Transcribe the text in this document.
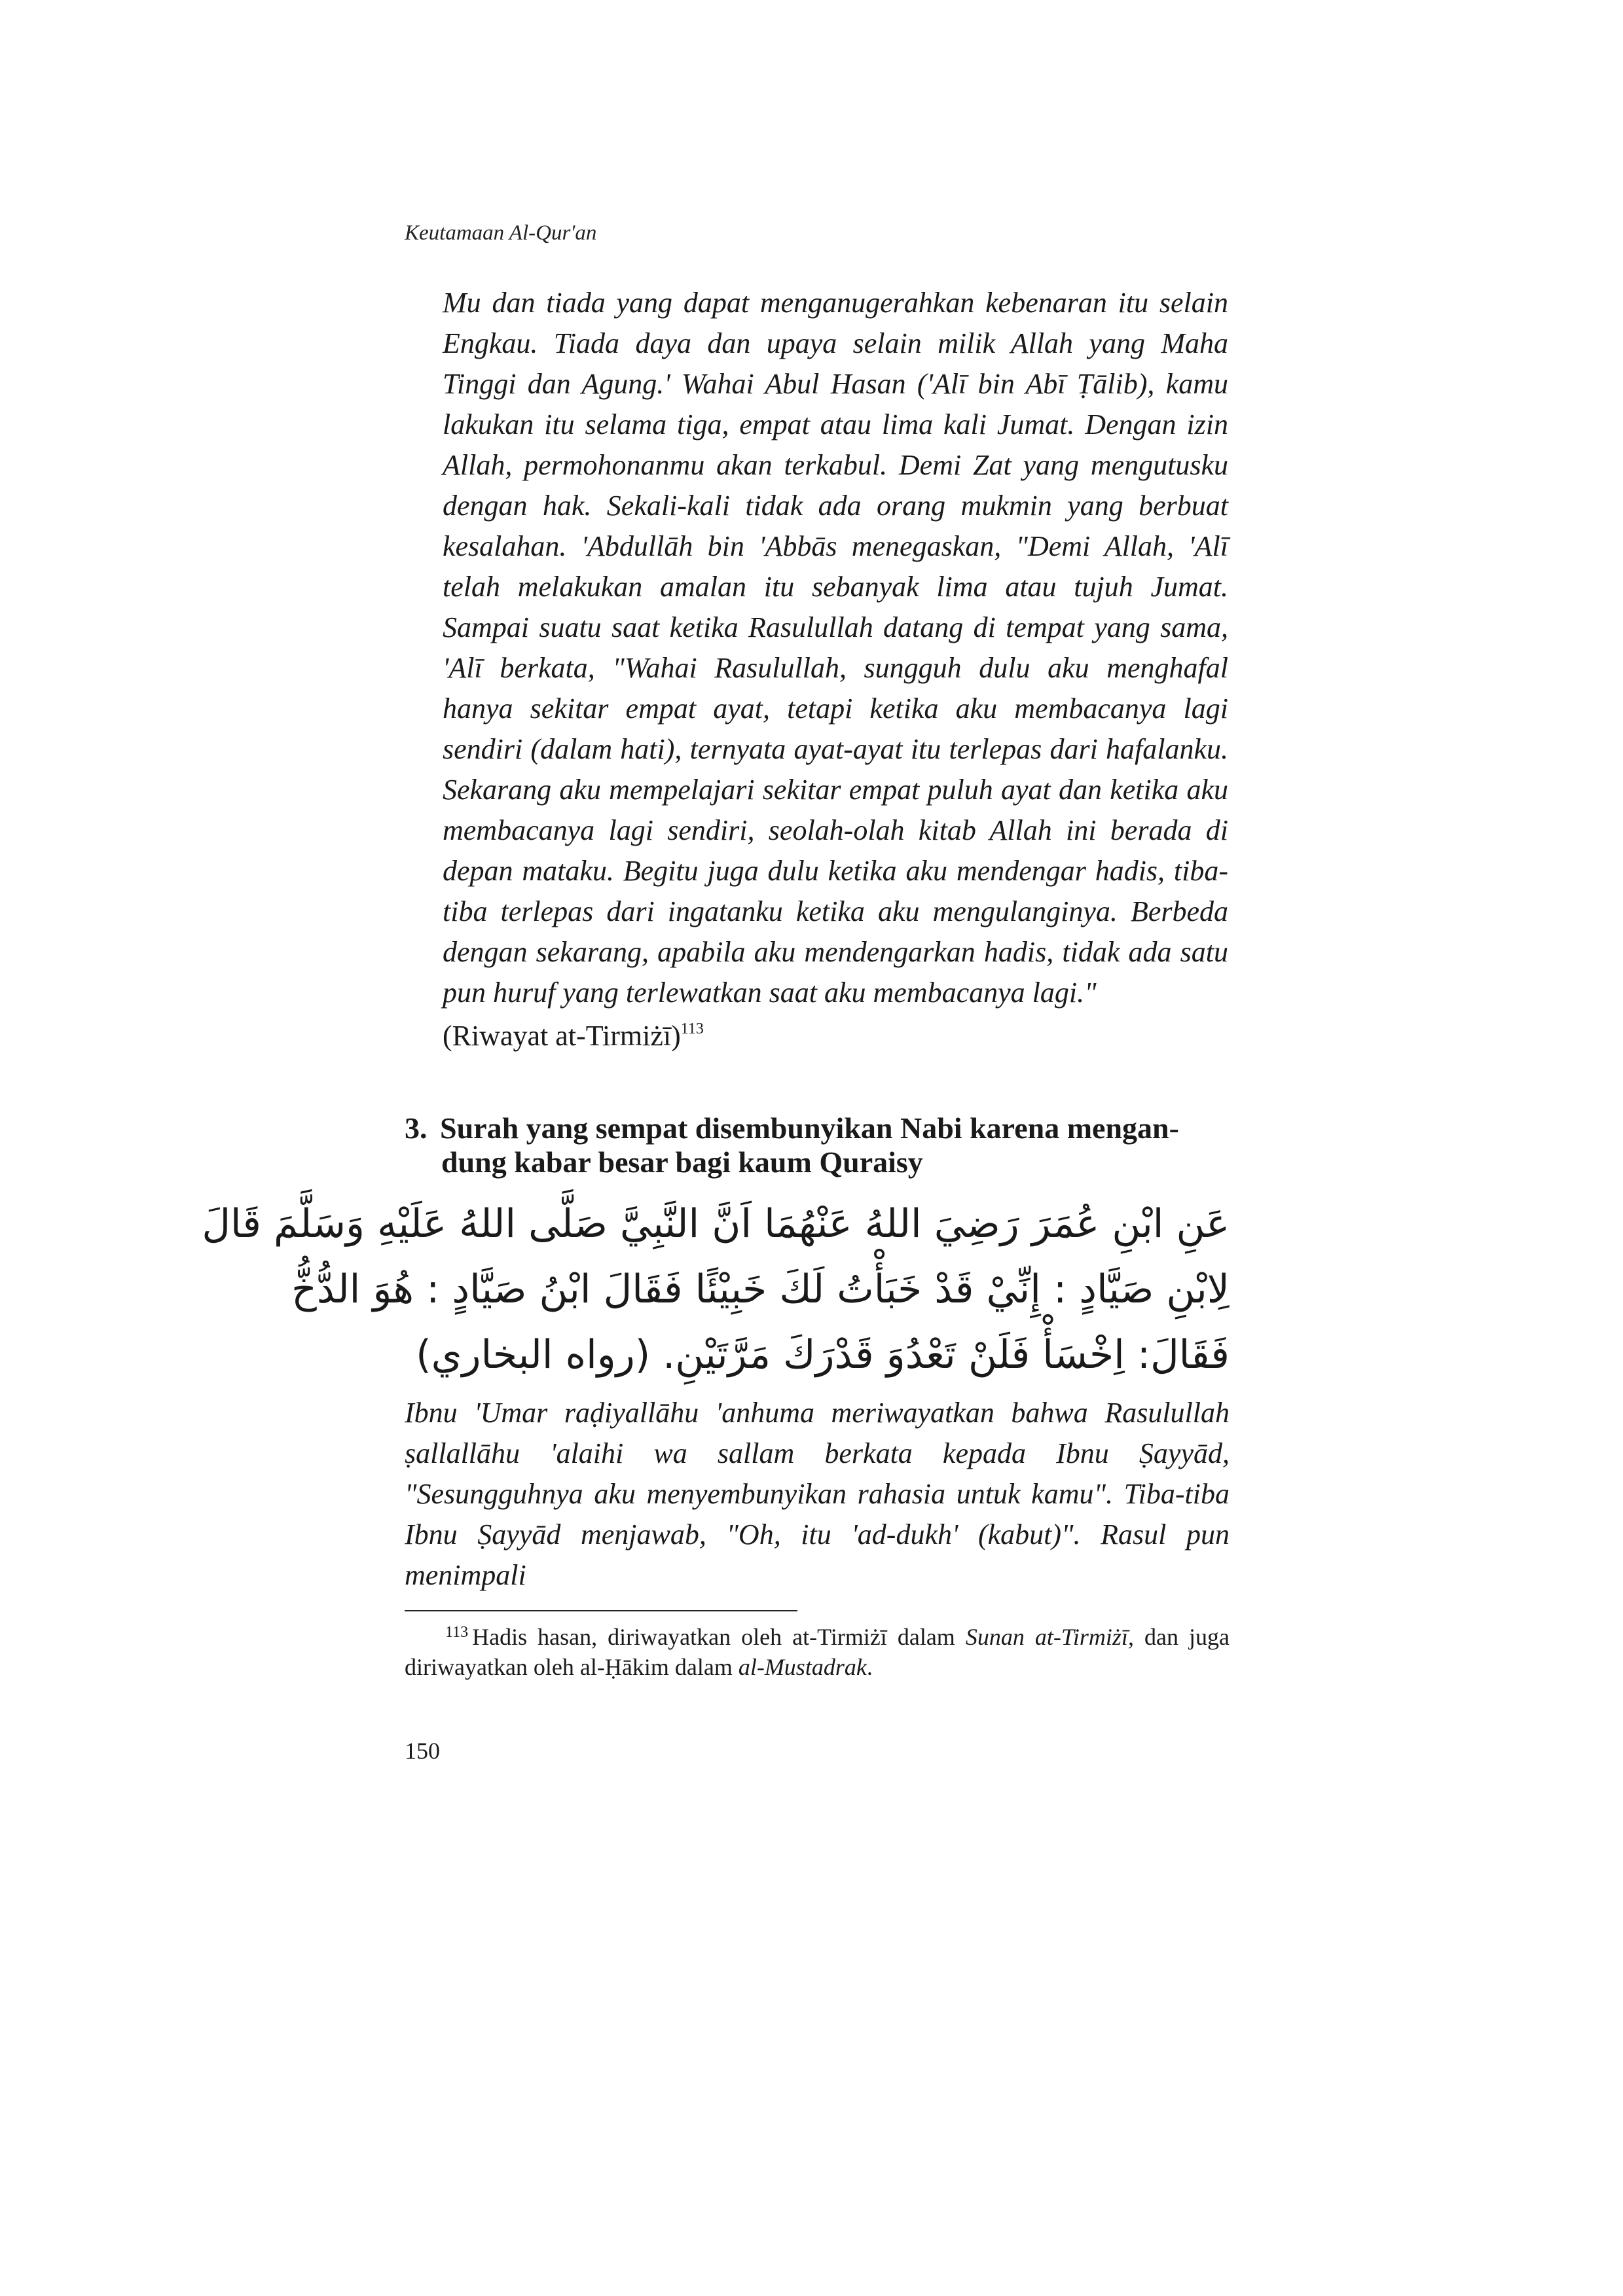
Keutamaan Al-Qur'an

Mu dan tiada yang dapat menganugerahkan kebenaran itu selain Engkau. Tiada daya dan upaya selain milik Allah yang Maha Tinggi dan Agung.' Wahai Abul Hasan ('Alī bin Abī Ṭālib), kamu lakukan itu selama tiga, empat atau lima kali Jumat. Dengan izin Allah, permohonanmu akan terkabul. Demi Zat yang mengutusku dengan hak. Sekali-kali tidak ada orang mukmin yang berbuat kesalahan. 'Abdullāh bin 'Abbās menegaskan, "Demi Allah, 'Alī telah melakukan amalan itu sebanyak lima atau tujuh Jumat. Sampai suatu saat ketika Rasulullah datang di tempat yang sama, 'Alī berkata, "Wahai Rasulullah, sungguh dulu aku menghafal hanya sekitar empat ayat, tetapi ketika aku membacanya lagi sendiri (dalam hati), ternyata ayat-ayat itu terlepas dari hafalanku. Sekarang aku mempelajari sekitar empat puluh ayat dan ketika aku membacanya lagi sendiri, seolah-olah kitab Allah ini berada di depan mataku. Begitu juga dulu ketika aku mendengar hadis, tiba-tiba terlepas dari ingatanku ketika aku mengulanginya. Berbeda dengan sekarang, apabila aku mendengarkan hadis, tidak ada satu pun huruf yang terlewatkan saat aku membacanya lagi."
(Riwayat at-Tirmiżī)$^{113}$

3. Surah yang sempat disembunyikan Nabi karena mengan-
dung kabar besar bagi kaum Quraisy
عَنِ ابْنِ عُمَرَ رَضِيَ اللهُ عَنْهُمَا اَنَّ النَّبِيَّ صَلَّى اللهُ عَلَيْهِ وَسَلَّمَ قَالَ
لِابْنِ صَيَّادٍ : إِنِّيْ قَدْ خَبَأْتُ لَكَ خَبِيْئًا فَقَالَ ابْنُ صَيَّادٍ : هُوَ الدُّخُّ
فَقَالَ: اِخْسَأْ فَلَنْ تَعْدُوَ قَدْرَكَ مَرَّتَيْنِ. (رواه البخاري)

Ibnu 'Umar raḍiyallāhu 'anhuma meriwayatkan bahwa Rasulullah ṣallallāhu 'alaihi wa sallam berkata kepada Ibnu Ṣayyād, "Sesungguhnya aku menyembunyikan rahasia untuk kamu". Tiba-tiba Ibnu Ṣayyād menjawab, "Oh, itu 'ad-dukh' (kabut)". Rasul pun menimpali

$^{113}$ Hadis hasan, diriwayatkan oleh at-Tirmiżī dalam Sunan at-Tirmiżī, dan juga diriwayatkan oleh al-Ḥākim dalam al-Mustadrak.
150
